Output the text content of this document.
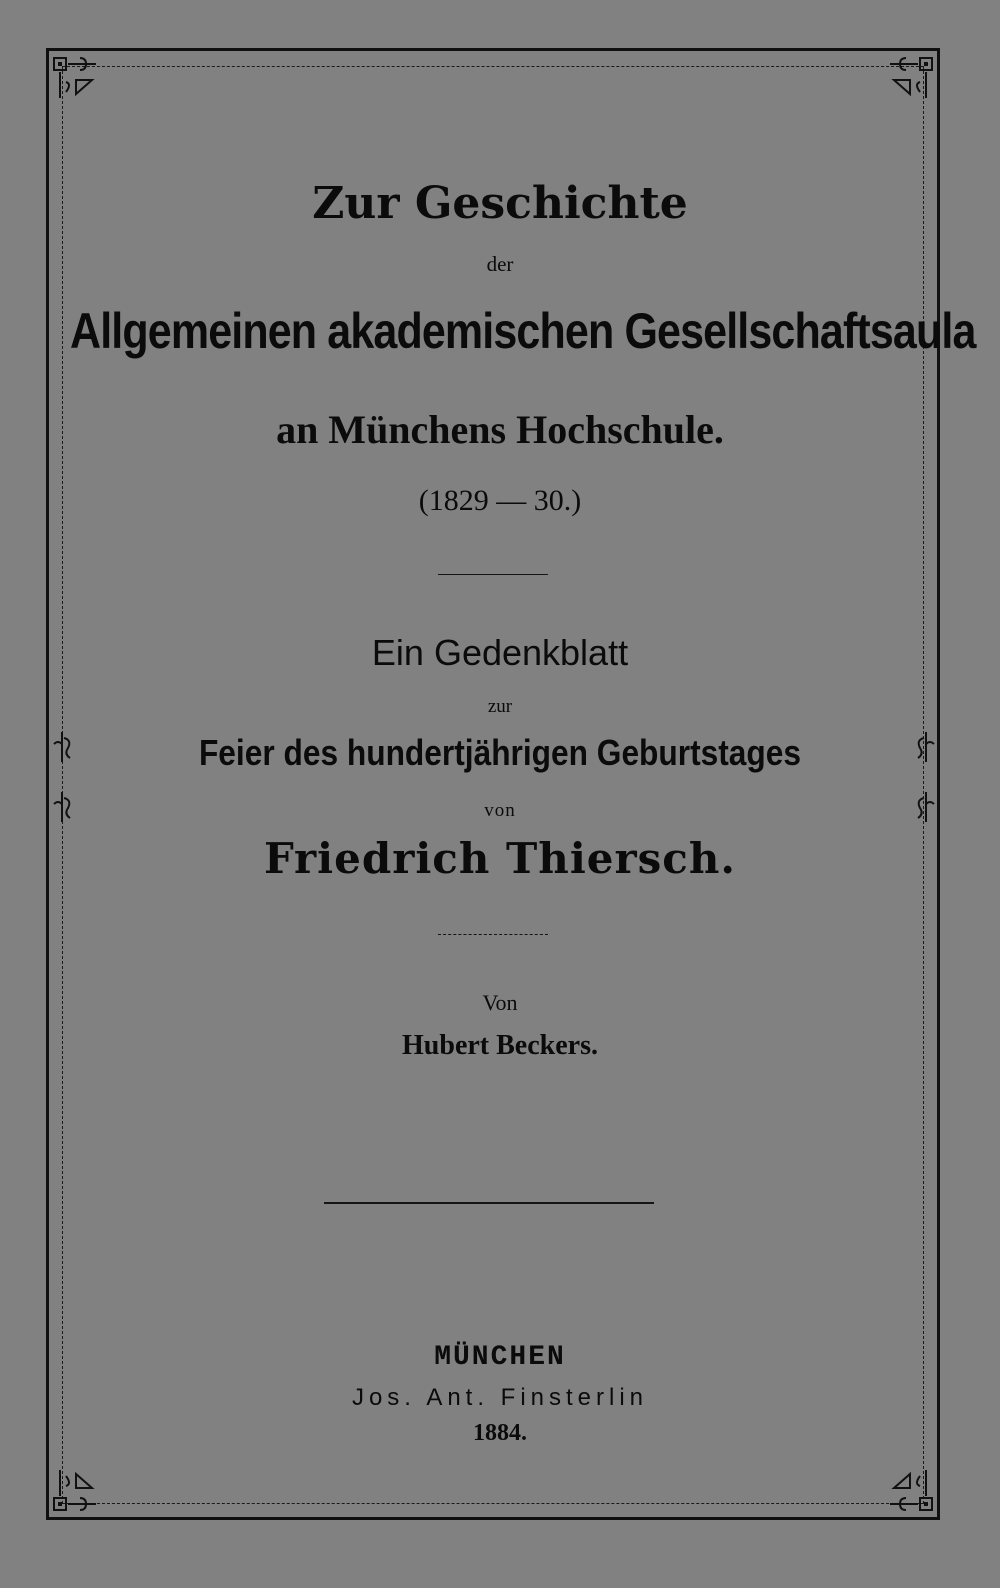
Zur Geschichte
der
Allgemeinen akademischen Gesellschaftsaula
an Münchens Hochschule.
(1829 — 30.)
Ein Gedenkblatt
zur
Feier des hundertjährigen Geburtstages
von
Friedrich Thiersch.
Von
Hubert Beckers.
MÜNCHEN
Jos. Ant. Finsterlin
1884.
